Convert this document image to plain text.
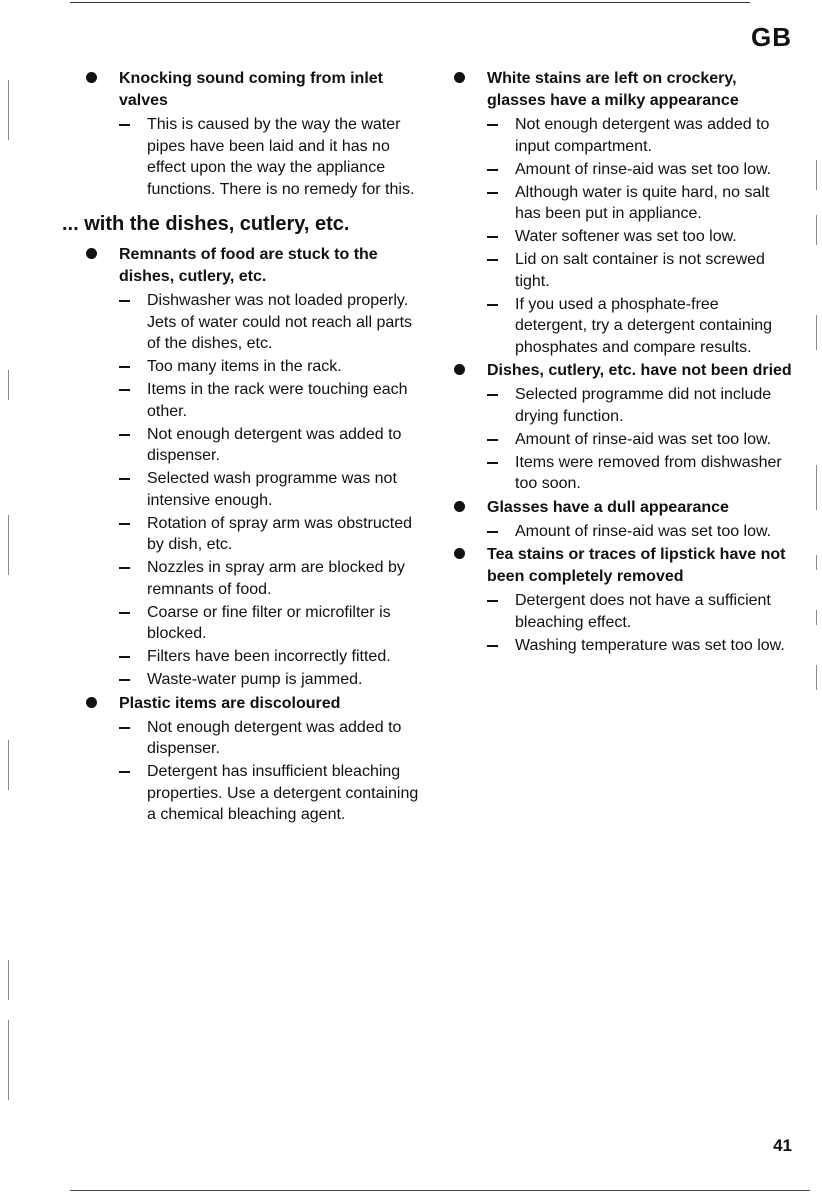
GB

Knocking sound coming from inlet valves

This is caused by the way the water pipes have been laid and it has no effect upon the way the appliance functions. There is no remedy for this.
... with the dishes, cutlery, etc.

Remnants of food are stuck to the dishes, cutlery, etc.

Dishwasher was not loaded properly. Jets of water could not reach all parts of the dishes, etc.
Too many items in the rack.
Items in the rack were touching each other.
Not enough detergent was added to dispenser.
Selected wash programme was not intensive enough.
Rotation of spray arm was obstructed by dish, etc.
Nozzles in spray arm are blocked by remnants of food.
Coarse or fine filter or microfilter is blocked.
Filters have been incorrectly fitted.
Waste-water pump is jammed.

Plastic items are discoloured

Not enough detergent was added to dispenser.
Detergent has insufficient bleaching properties. Use a detergent containing a chemical bleaching agent.

White stains are left on crockery, glasses have a milky appearance

Not enough detergent was added to input compartment.
Amount of rinse-aid was set too low.
Although water is quite hard, no salt has been put in appliance.
Water softener was set too low.
Lid on salt container is not screwed tight.
If you used a phosphate-free detergent, try a detergent containing phosphates and compare results.

Dishes, cutlery, etc. have not been dried

Selected programme did not include drying function.
Amount of rinse-aid was set too low.
Items were removed from dishwasher too soon.

Glasses have a dull appearance

Amount of rinse-aid was set too low.

Tea stains or traces of lipstick have not been completely removed

Detergent does not have a sufficient bleaching effect.
Washing temperature was set too low.
41
